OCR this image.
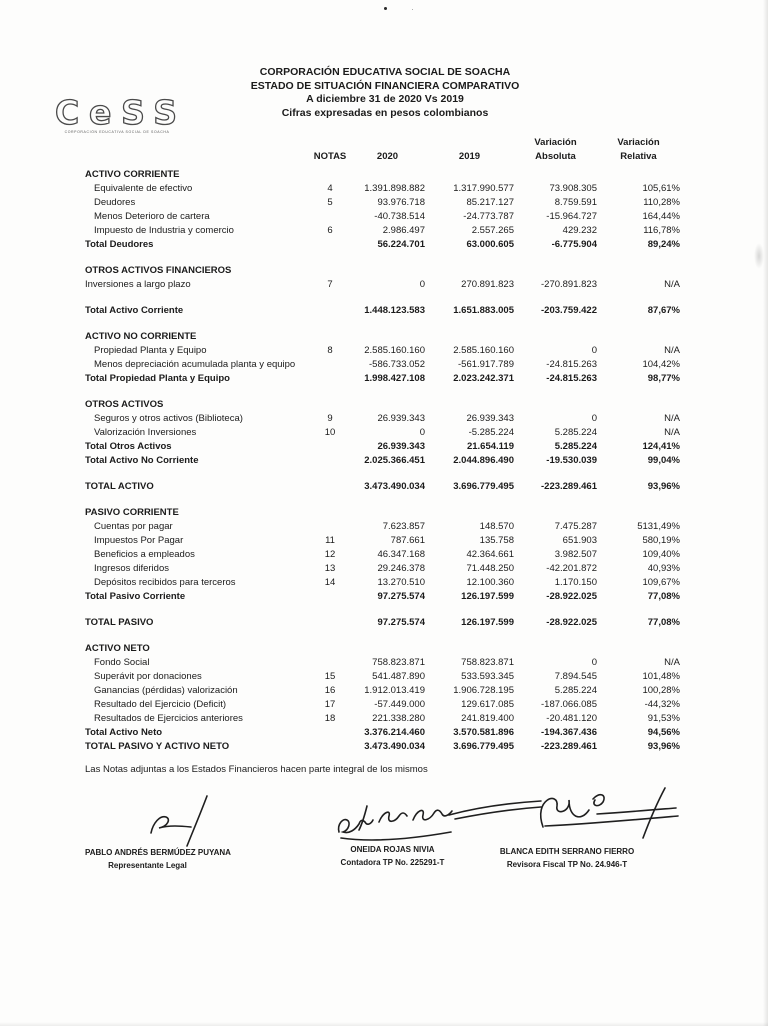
CeSS
CORPORACIÓN EDUCATIVA SOCIAL DE SOACHA
CORPORACIÓN EDUCATIVA SOCIAL DE SOACHA
ESTADO DE SITUACIÓN FINANCIERA COMPARATIVO
A diciembre 31 de 2020 Vs 2019
Cifras expresadas en pesos colombianos
Variación	Variación
NOTAS	2020	2019	Absoluta	Relativa
ACTIVO CORRIENTE
Equivalente de efectivo	4	1.391.898.882	1.317.990.577	73.908.305	105,61%
Deudores	5	93.976.718	85.217.127	8.759.591	110,28%
Menos Deterioro de cartera	-40.738.514	-24.773.787	-15.964.727	164,44%
Impuesto de Industria y comercio	6	2.986.497	2.557.265	429.232	116,78%
Total Deudores	56.224.701	63.000.605	-6.775.904	89,24%
OTROS ACTIVOS FINANCIEROS
Inversiones a largo plazo	7	0	270.891.823	-270.891.823	N/A
Total Activo Corriente	1.448.123.583	1.651.883.005	-203.759.422	87,67%
ACTIVO NO CORRIENTE
Propiedad Planta y Equipo	8	2.585.160.160	2.585.160.160	0	N/A
Menos depreciación acumulada planta y equipo	-586.733.052	-561.917.789	-24.815.263	104,42%
Total Propiedad Planta y Equipo	1.998.427.108	2.023.242.371	-24.815.263	98,77%
OTROS ACTIVOS
Seguros y otros activos (Biblioteca)	9	26.939.343	26.939.343	0	N/A
Valorización Inversiones	10	0	-5.285.224	5.285.224	N/A
Total Otros Activos	26.939.343	21.654.119	5.285.224	124,41%
Total Activo No Corriente	2.025.366.451	2.044.896.490	-19.530.039	99,04%
TOTAL ACTIVO	3.473.490.034	3.696.779.495	-223.289.461	93,96%
PASIVO CORRIENTE
Cuentas por pagar	7.623.857	148.570	7.475.287	5131,49%
Impuestos Por Pagar	11	787.661	135.758	651.903	580,19%
Beneficios a empleados	12	46.347.168	42.364.661	3.982.507	109,40%
Ingresos diferidos	13	29.246.378	71.448.250	-42.201.872	40,93%
Depósitos recibidos para terceros	14	13.270.510	12.100.360	1.170.150	109,67%
Total Pasivo Corriente	97.275.574	126.197.599	-28.922.025	77,08%
TOTAL PASIVO	97.275.574	126.197.599	-28.922.025	77,08%
ACTIVO NETO
Fondo Social	758.823.871	758.823.871	0	N/A
Superávit por donaciones	15	541.487.890	533.593.345	7.894.545	101,48%
Ganancias (pérdidas) valorización	16	1.912.013.419	1.906.728.195	5.285.224	100,28%
Resultado del Ejercicio (Deficit)	17	-57.449.000	129.617.085	-187.066.085	-44,32%
Resultados de Ejercicios anteriores	18	221.338.280	241.819.400	-20.481.120	91,53%
Total Activo Neto	3.376.214.460	3.570.581.896	-194.367.436	94,56%
TOTAL PASIVO Y ACTIVO NETO	3.473.490.034	3.696.779.495	-223.289.461	93,96%
Las Notas adjuntas a los Estados Financieros hacen parte integral de los mismos
PABLO ANDRÉS BERMÚDEZ PUYANA
Representante Legal
ONEIDA ROJAS NIVIA
Contadora TP No. 225291-T
BLANCA EDITH SERRANO FIERRO
Revisora Fiscal TP No. 24.946-T
